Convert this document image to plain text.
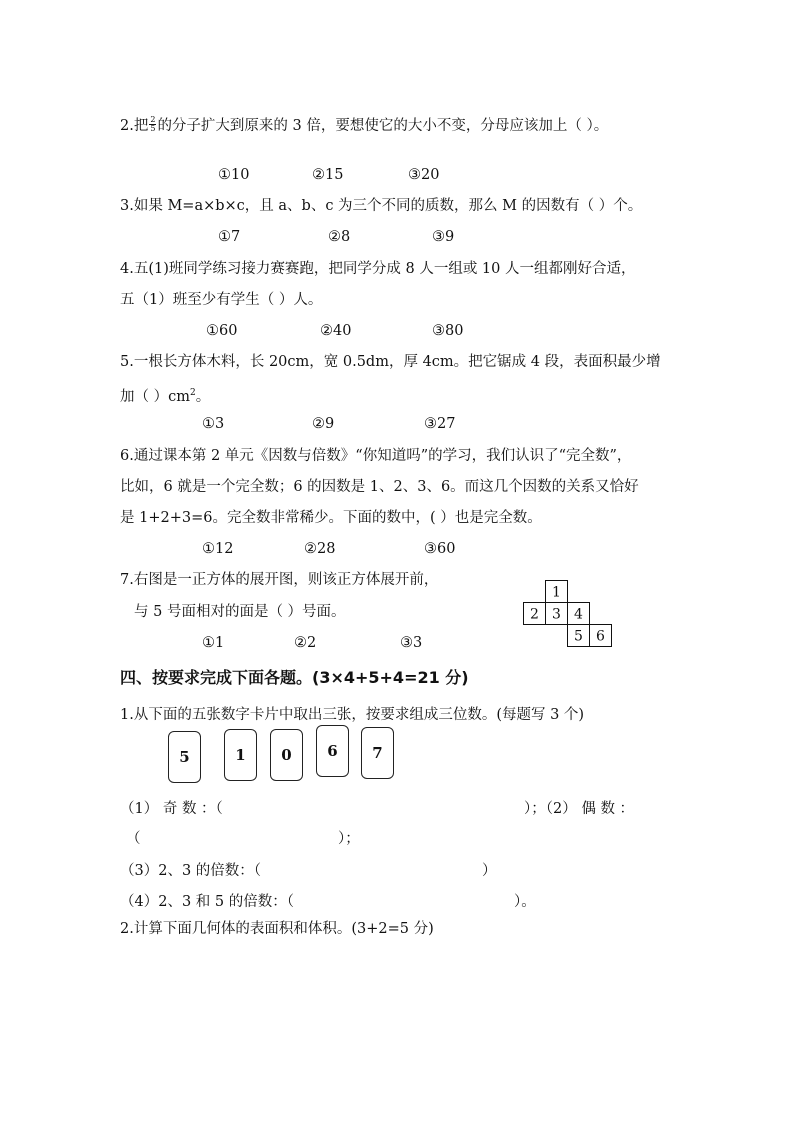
2.把 $\frac{2}{5}$ 的分子扩大到原来的 3 倍，要想使它的大小不变，分母应该加上（ ）。
①10	②15	③20
3.如果 M=a×b×c，且 a、b、c 为三个不同的质数，那么 M 的因数有（ ）个。
①7	②8	③9
4.五(1)班同学练习接力赛赛跑，把同学分成 8 人一组或 10 人一组都刚好合适，
五（1）班至少有学生（ ）人。
①60	②40	③80
5.一根长方体木料，长 20cm，宽 0.5dm，厚 4cm。把它锯成 4 段，表面积最少增
加（ ）$cm^2$。
①3	②9	③27
6.通过课本第 2 单元《因数与倍数》“你知道吗”的学习，我们认识了“完全数”，
比如，6 就是一个完全数；6 的因数是 1、2、3、6。而这几个因数的关系又恰好
是 1+2+3=6。完全数非常稀少。下面的数中，( ）也是完全数。
①12	②28	③60
7.右图是一正方体的展开图，则该正方体展开前，
与 5 号面相对的面是（ ）号面。
①1	②2	③3
1
2 3 4
5 6
四、按要求完成下面各题。(3×4+5+4=21 分)
1.从下面的五张数字卡片中取出三张，按要求组成三位数。(每题写 3 个)
5	1	0	6	7
（1） 奇 数 ：（	）；（2） 偶 数 ：
（	）；
（3）2、3 的倍数：（	）
（4）2、3 和 5 的倍数：（	）。
2.计算下面几何体的表面积和体积。(3+2=5 分)
